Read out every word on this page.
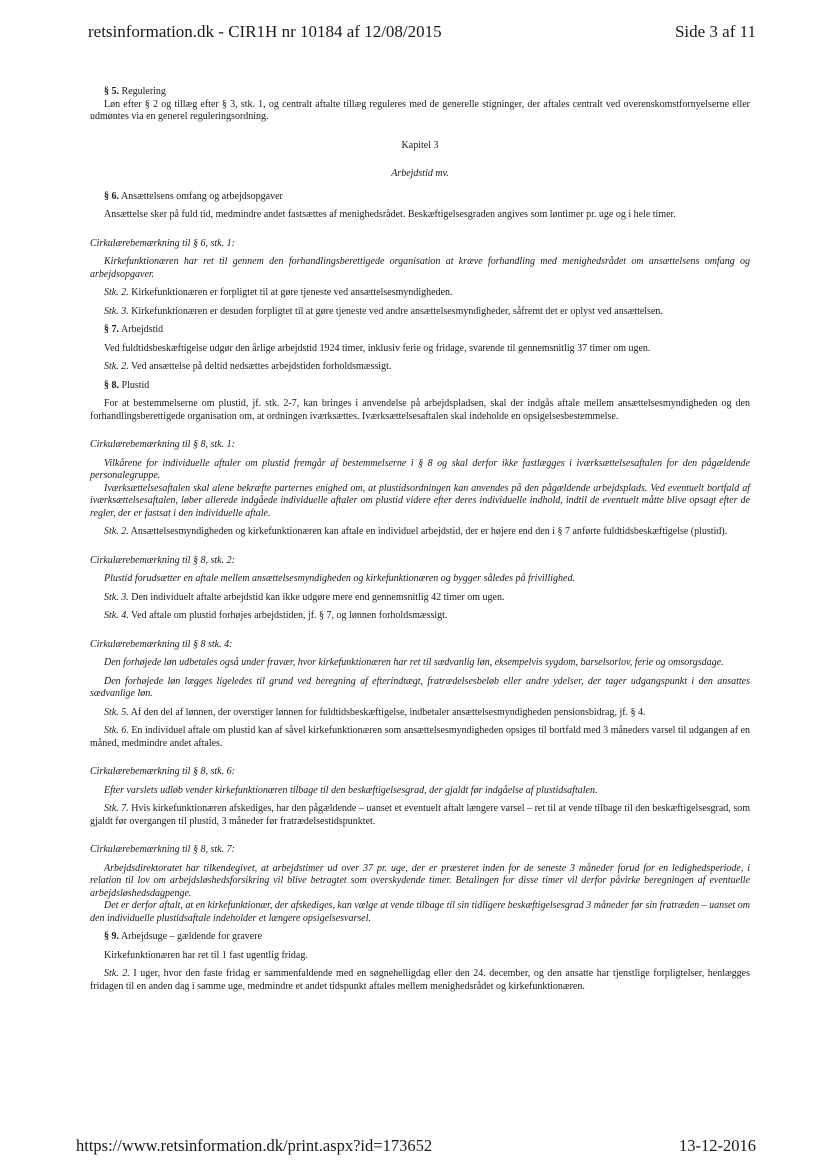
retsinformation.dk - CIR1H nr 10184 af 12/08/2015	Side 3 af 11

§ 5. Regulering

Løn efter § 2 og tillæg efter § 3, stk. 1, og centralt aftalte tillæg reguleres med de generelle stigninger, der aftales centralt ved overenskomstfornyelserne eller udmøntes via en generel reguleringsordning.

Kapitel 3

Arbejdstid mv.

§ 6. Ansættelsens omfang og arbejdsopgaver

Ansættelse sker på fuld tid, medmindre andet fastsættes af menighedsrådet. Beskæftigelsesgraden angives som løntimer pr. uge og i hele timer.

Cirkulærebemærkning til § 6, stk. 1:

Kirkefunktionæren har ret til gennem den forhandlingsberettigede organisation at kræve forhandling med menighedsrådet om ansættelsens omfang og arbejdsopgaver.

Stk. 2. Kirkefunktionæren er forpligtet til at gøre tjeneste ved ansættelsesmyndigheden.

Stk. 3. Kirkefunktionæren er desuden forpligtet til at gøre tjeneste ved andre ansættelsesmyndigheder, såfremt det er oplyst ved ansættelsen.

§ 7. Arbejdstid

Ved fuldtidsbeskæftigelse udgør den årlige arbejdstid 1924 timer, inklusiv ferie og fridage, svarende til gennemsnitlig 37 timer om ugen.

Stk. 2. Ved ansættelse på deltid nedsættes arbejdstiden forholdsmæssigt.

§ 8. Plustid

For at bestemmelserne om plustid, jf. stk. 2-7, kan bringes i anvendelse på arbejdspladsen, skal der indgås aftale mellem ansættelsesmyndigheden og den forhandlingsberettigede organisation om, at ordningen iværksættes. Iværksættelsesaftalen skal indeholde en opsigelsesbestemmelse.

Cirkulærebemærkning til § 8, stk. 1:

Vilkårene for individuelle aftaler om plustid fremgår af bestemmelserne i § 8 og skal derfor ikke fastlægges i iværksættelsesaftalen for den pågældende personalegruppe.

Iværksættelsesaftalen skal alene bekræfte parternes enighed om, at plustidsordningen kan anvendes på den pågældende arbejdsplads. Ved eventuelt bortfald af iværksættelsesaftalen, løber allerede indgåede individuelle aftaler om plustid videre efter deres individuelle indhold, indtil de eventuelt måtte blive opsagt efter de regler, der er fastsat i den individuelle aftale.

Stk. 2. Ansættelsesmyndigheden og kirkefunktionæren kan aftale en individuel arbejdstid, der er højere end den i § 7 anførte fuldtidsbeskæftigelse (plustid).

Cirkulærebemærkning til § 8, stk. 2:

Plustid forudsætter en aftale mellem ansættelsesmyndigheden og kirkefunktionæren og bygger således på frivillighed.

Stk. 3. Den individuelt aftalte arbejdstid kan ikke udgøre mere end gennemsnitlig 42 timer om ugen.

Stk. 4. Ved aftale om plustid forhøjes arbejdstiden, jf. § 7, og lønnen forholdsmæssigt.

Cirkulærebemærkning til § 8 stk. 4:

Den forhøjede løn udbetales også under fravær, hvor kirkefunktionæren har ret til sædvanlig løn, eksempelvis sygdom, barselsorlov, ferie og omsorgsdage.

Den forhøjede løn lægges ligeledes til grund ved beregning af efterindtægt, fratrædelsesbeløb eller andre ydelser, der tager udgangspunkt i den ansattes sædvanlige løn.

Stk. 5. Af den del af lønnen, der overstiger lønnen for fuldtidsbeskæftigelse, indbetaler ansættelsesmyndigheden pensionsbidrag, jf. § 4.

Stk. 6. En individuel aftale om plustid kan af såvel kirkefunktionæren som ansættelsesmyndigheden opsiges til bortfald med 3 måneders varsel til udgangen af en måned, medmindre andet aftales.

Cirkulærebemærkning til § 8, stk. 6:

Efter varslets udløb vender kirkefunktionæren tilbage til den beskæftigelsesgrad, der gjaldt før indgåelse af plustidsaftalen.

Stk. 7. Hvis kirkefunktionæren afskediges, har den pågældende – uanset et eventuelt aftalt længere varsel – ret til at vende tilbage til den beskæftigelsesgrad, som gjaldt før overgangen til plustid, 3 måneder før fratrædelsestidspunktet.

Cirkulærebemærkning til § 8, stk. 7:

Arbejdsdirektoratet har tilkendegivet, at arbejdstimer ud over 37 pr. uge, der er præsteret inden for de seneste 3 måneder forud for en ledighedsperiode, i relation til lov om arbejdsløshedsforsikring vil blive betragtet som overskydende timer. Betalingen for disse timer vil derfor påvirke beregningen af eventuelle arbejdsløshedsdagpenge.

Det er derfor aftalt, at en kirkefunktionær, der afskediges, kan vælge at vende tilbage til sin tidligere beskæftigelsesgrad 3 måneder før sin fratræden – uanset om den individuelle plustidsaftale indeholder et længere opsigelsesvarsel.

§ 9. Arbejdsuge – gældende for gravere

Kirkefunktionæren har ret til 1 fast ugentlig fridag.

Stk. 2. I uger, hvor den faste fridag er sammenfaldende med en søgnehelligdag eller den 24. december, og den ansatte har tjenstlige forpligtelser, henlægges fridagen til en anden dag i samme uge, medmindre et andet tidspunkt aftales mellem menighedsrådet og kirkefunktionæren.

https://www.retsinformation.dk/print.aspx?id=173652	13-12-2016
